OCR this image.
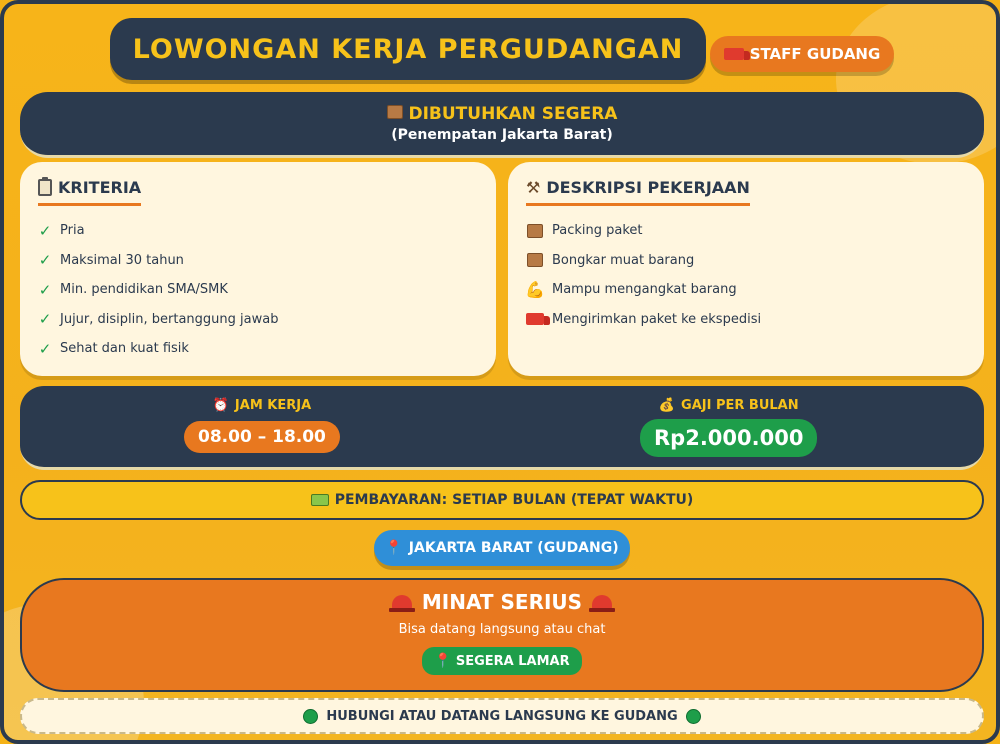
LOWONGAN KERJA PERGUDANGAN	STAFF GUDANG
DIBUTUHKAN SEGERA
(Penempatan Jakarta Barat)
KRITERIA
✓ Pria
✓ Maksimal 30 tahun
✓ Min. pendidikan SMA/SMK
✓ Jujur, disiplin, bertanggung jawab
✓ Sehat dan kuat fisik
⚒ DESKRIPSI PEKERJAAN
Packing paket
Bongkar muat barang
💪 Mampu mengangkat barang
Mengirimkan paket ke ekspedisi
⏰ JAM KERJA
08.00 – 18.00
💰 GAJI PER BULAN
Rp2.000.000
PEMBAYARAN: SETIAP BULAN (TEPAT WAKTU)
📍 JAKARTA BARAT (GUDANG)
MINAT SERIUS
Bisa datang langsung atau chat
📍 SEGERA LAMAR
HUBUNGI ATAU DATANG LANGSUNG KE GUDANG
